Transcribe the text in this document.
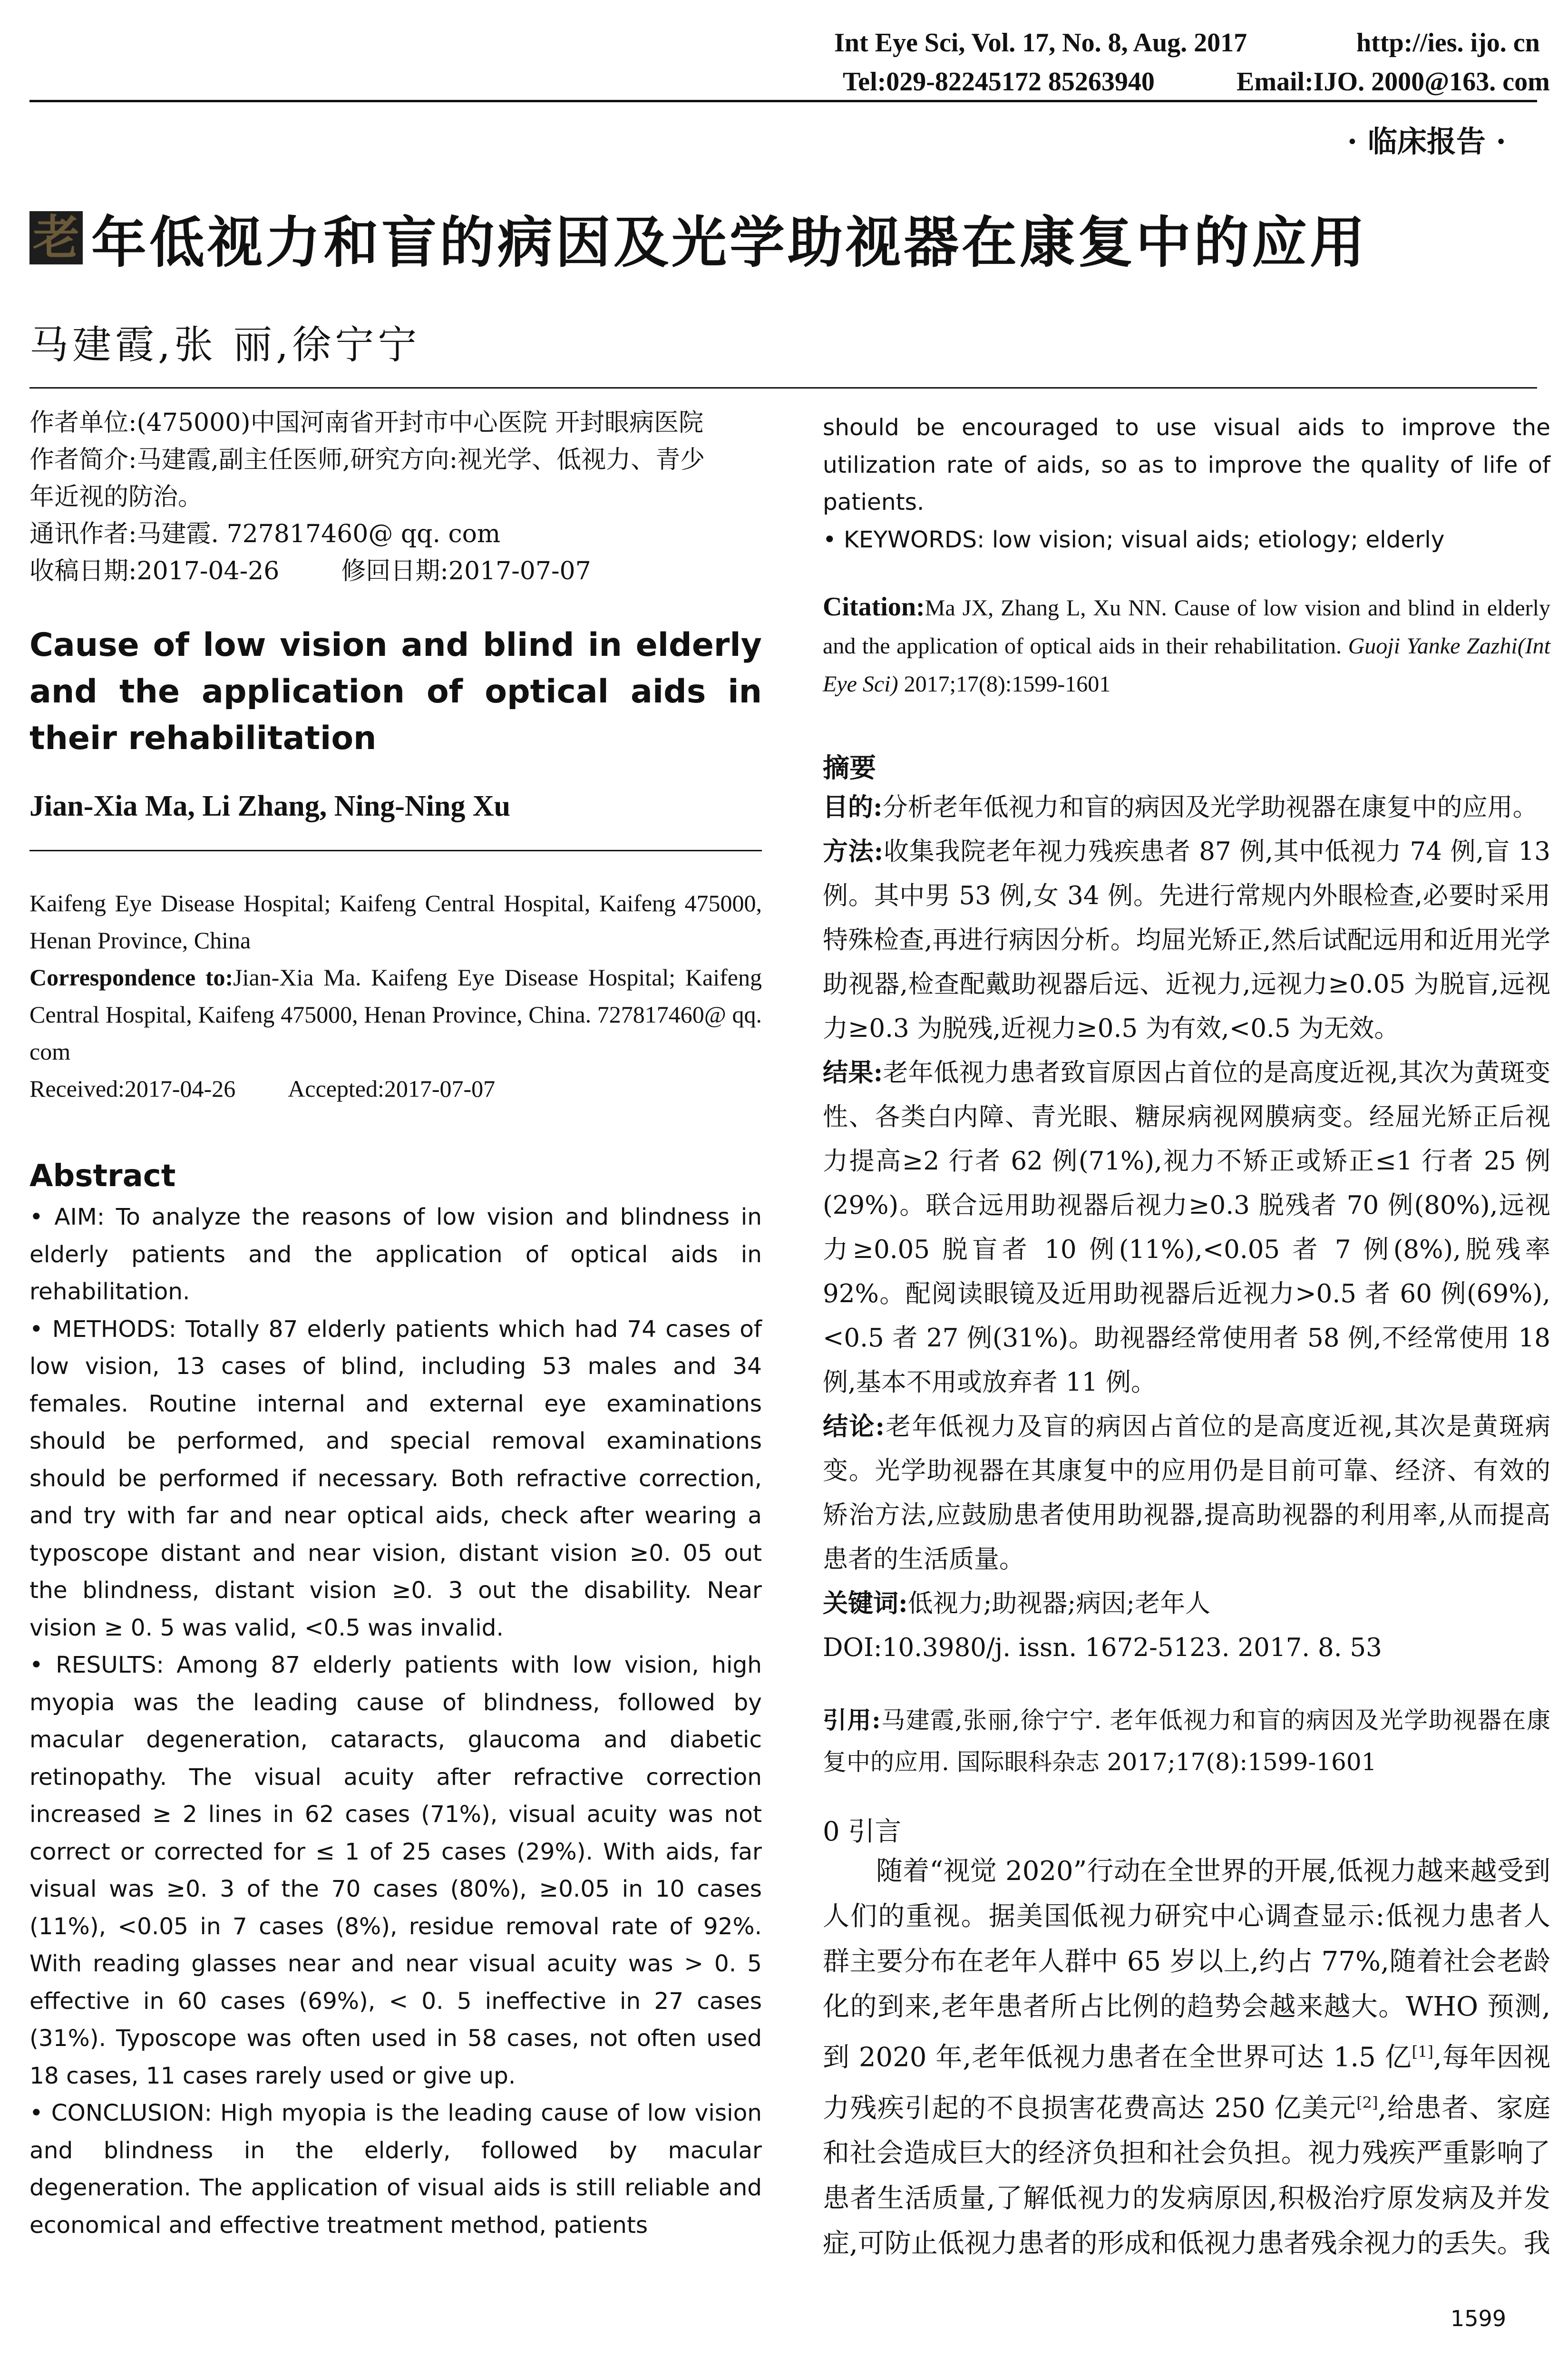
Int Eye Sci, Vol. 17, No. 8, Aug. 2017	http://ies. ijo. cn
Tel:029-82245172 85263940	Email:IJO. 2000@163. com
· 临床报告 ·
老 年低视力和盲的病因及光学助视器在康复中的应用
马建霞,张 丽,徐宁宁
作者单位:(475000)中国河南省开封市中心医院 开封眼病医院
作者简介:马建霞,副主任医师,研究方向:视光学、低视力、青少
年近视的防治。
通讯作者:马建霞. 727817460@ qq. com
收稿日期:2017-04-26	修回日期:2017-07-07
Cause of low vision and blind in elderly and the application of optical aids in their rehabilitation
Jian-Xia Ma, Li Zhang, Ning-Ning Xu
Kaifeng Eye Disease Hospital; Kaifeng Central Hospital, Kaifeng 475000, Henan Province, China
Correspondence to:Jian-Xia Ma. Kaifeng Eye Disease Hospital; Kaifeng Central Hospital, Kaifeng 475000, Henan Province, China. 727817460@ qq. com
Received:2017-04-26 Accepted:2017-07-07
Abstract

• AIM: To analyze the reasons of low vision and blindness in elderly patients and the application of optical aids in rehabilitation.

• METHODS: Totally 87 elderly patients which had 74 cases of low vision, 13 cases of blind, including 53 males and 34 females. Routine internal and external eye examinations should be performed, and special removal examinations should be performed if necessary. Both refractive correction, and try with far and near optical aids, check after wearing a typoscope distant and near vision, distant vision ≥0. 05 out the blindness, distant vision ≥0. 3 out the disability. Near vision ≥ 0. 5 was valid, <0.5 was invalid.

• RESULTS: Among 87 elderly patients with low vision, high myopia was the leading cause of blindness, followed by macular degeneration, cataracts, glaucoma and diabetic retinopathy. The visual acuity after refractive correction increased ≥ 2 lines in 62 cases (71%), visual acuity was not correct or corrected for ≤ 1 of 25 cases (29%). With aids, far visual was ≥0. 3 of the 70 cases (80%), ≥0.05 in 10 cases (11%), <0.05 in 7 cases (8%), residue removal rate of 92%. With reading glasses near and near visual acuity was > 0. 5 effective in 60 cases (69%), < 0. 5 ineffective in 27 cases (31%). Typoscope was often used in 58 cases, not often used 18 cases, 11 cases rarely used or give up.

• CONCLUSION: High myopia is the leading cause of low vision and blindness in the elderly, followed by macular degeneration. The application of visual aids is still reliable and economical and effective treatment method, patients

should be encouraged to use visual aids to improve the utilization rate of aids, so as to improve the quality of life of patients.

• KEYWORDS: low vision; visual aids; etiology; elderly

Citation:Ma JX, Zhang L, Xu NN. Cause of low vision and blind in elderly and the application of optical aids in their rehabilitation. Guoji Yanke Zazhi(Int Eye Sci) 2017;17(8):1599-1601
摘要

目的:分析老年低视力和盲的病因及光学助视器在康复中的应用。

方法:收集我院老年视力残疾患者 87 例,其中低视力 74 例,盲 13 例。其中男 53 例,女 34 例。先进行常规内外眼检查,必要时采用特殊检查,再进行病因分析。均屈光矫正,然后试配远用和近用光学助视器,检查配戴助视器后远、近视力,远视力≥0.05 为脱盲,远视力≥0.3 为脱残,近视力≥0.5 为有效,<0.5 为无效。

结果:老年低视力患者致盲原因占首位的是高度近视,其次为黄斑变性、各类白内障、青光眼、糖尿病视网膜病变。经屈光矫正后视力提高≥2 行者 62 例(71%),视力不矫正或矫正≤1 行者 25 例(29%)。联合远用助视器后视力≥0.3 脱残者 70 例(80%),远视力≥0.05 脱盲者 10 例(11%),<0.05 者 7 例(8%),脱残率 92%。配阅读眼镜及近用助视器后近视力>0.5 者 60 例(69%),<0.5 者 27 例(31%)。助视器经常使用者 58 例,不经常使用 18 例,基本不用或放弃者 11 例。

结论:老年低视力及盲的病因占首位的是高度近视,其次是黄斑病变。光学助视器在其康复中的应用仍是目前可靠、经济、有效的矫治方法,应鼓励患者使用助视器,提高助视器的利用率,从而提高患者的生活质量。

关键词:低视力;助视器;病因;老年人

DOI:10.3980/j. issn. 1672-5123. 2017. 8. 53

引用:马建霞,张丽,徐宁宁. 老年低视力和盲的病因及光学助视器在康复中的应用. 国际眼科杂志 2017;17(8):1599-1601
0 引言

随着“视觉 2020”行动在全世界的开展,低视力越来越受到人们的重视。据美国低视力研究中心调查显示:低视力患者人群主要分布在老年人群中 65 岁以上,约占 77%,随着社会老龄化的到来,老年患者所占比例的趋势会越来越大。WHO 预测,到 2020 年,老年低视力患者在全世界可达 1.5 亿[1],每年因视力残疾引起的不良损害花费高达 250 亿美元[2],给患者、家庭和社会造成巨大的经济负担和社会负担。视力残疾严重影响了患者生活质量,了解低视力的发病原因,积极治疗原发病及并发症,可防止低视力患者的形成和低视力患者残余视力的丢失。我

1599
